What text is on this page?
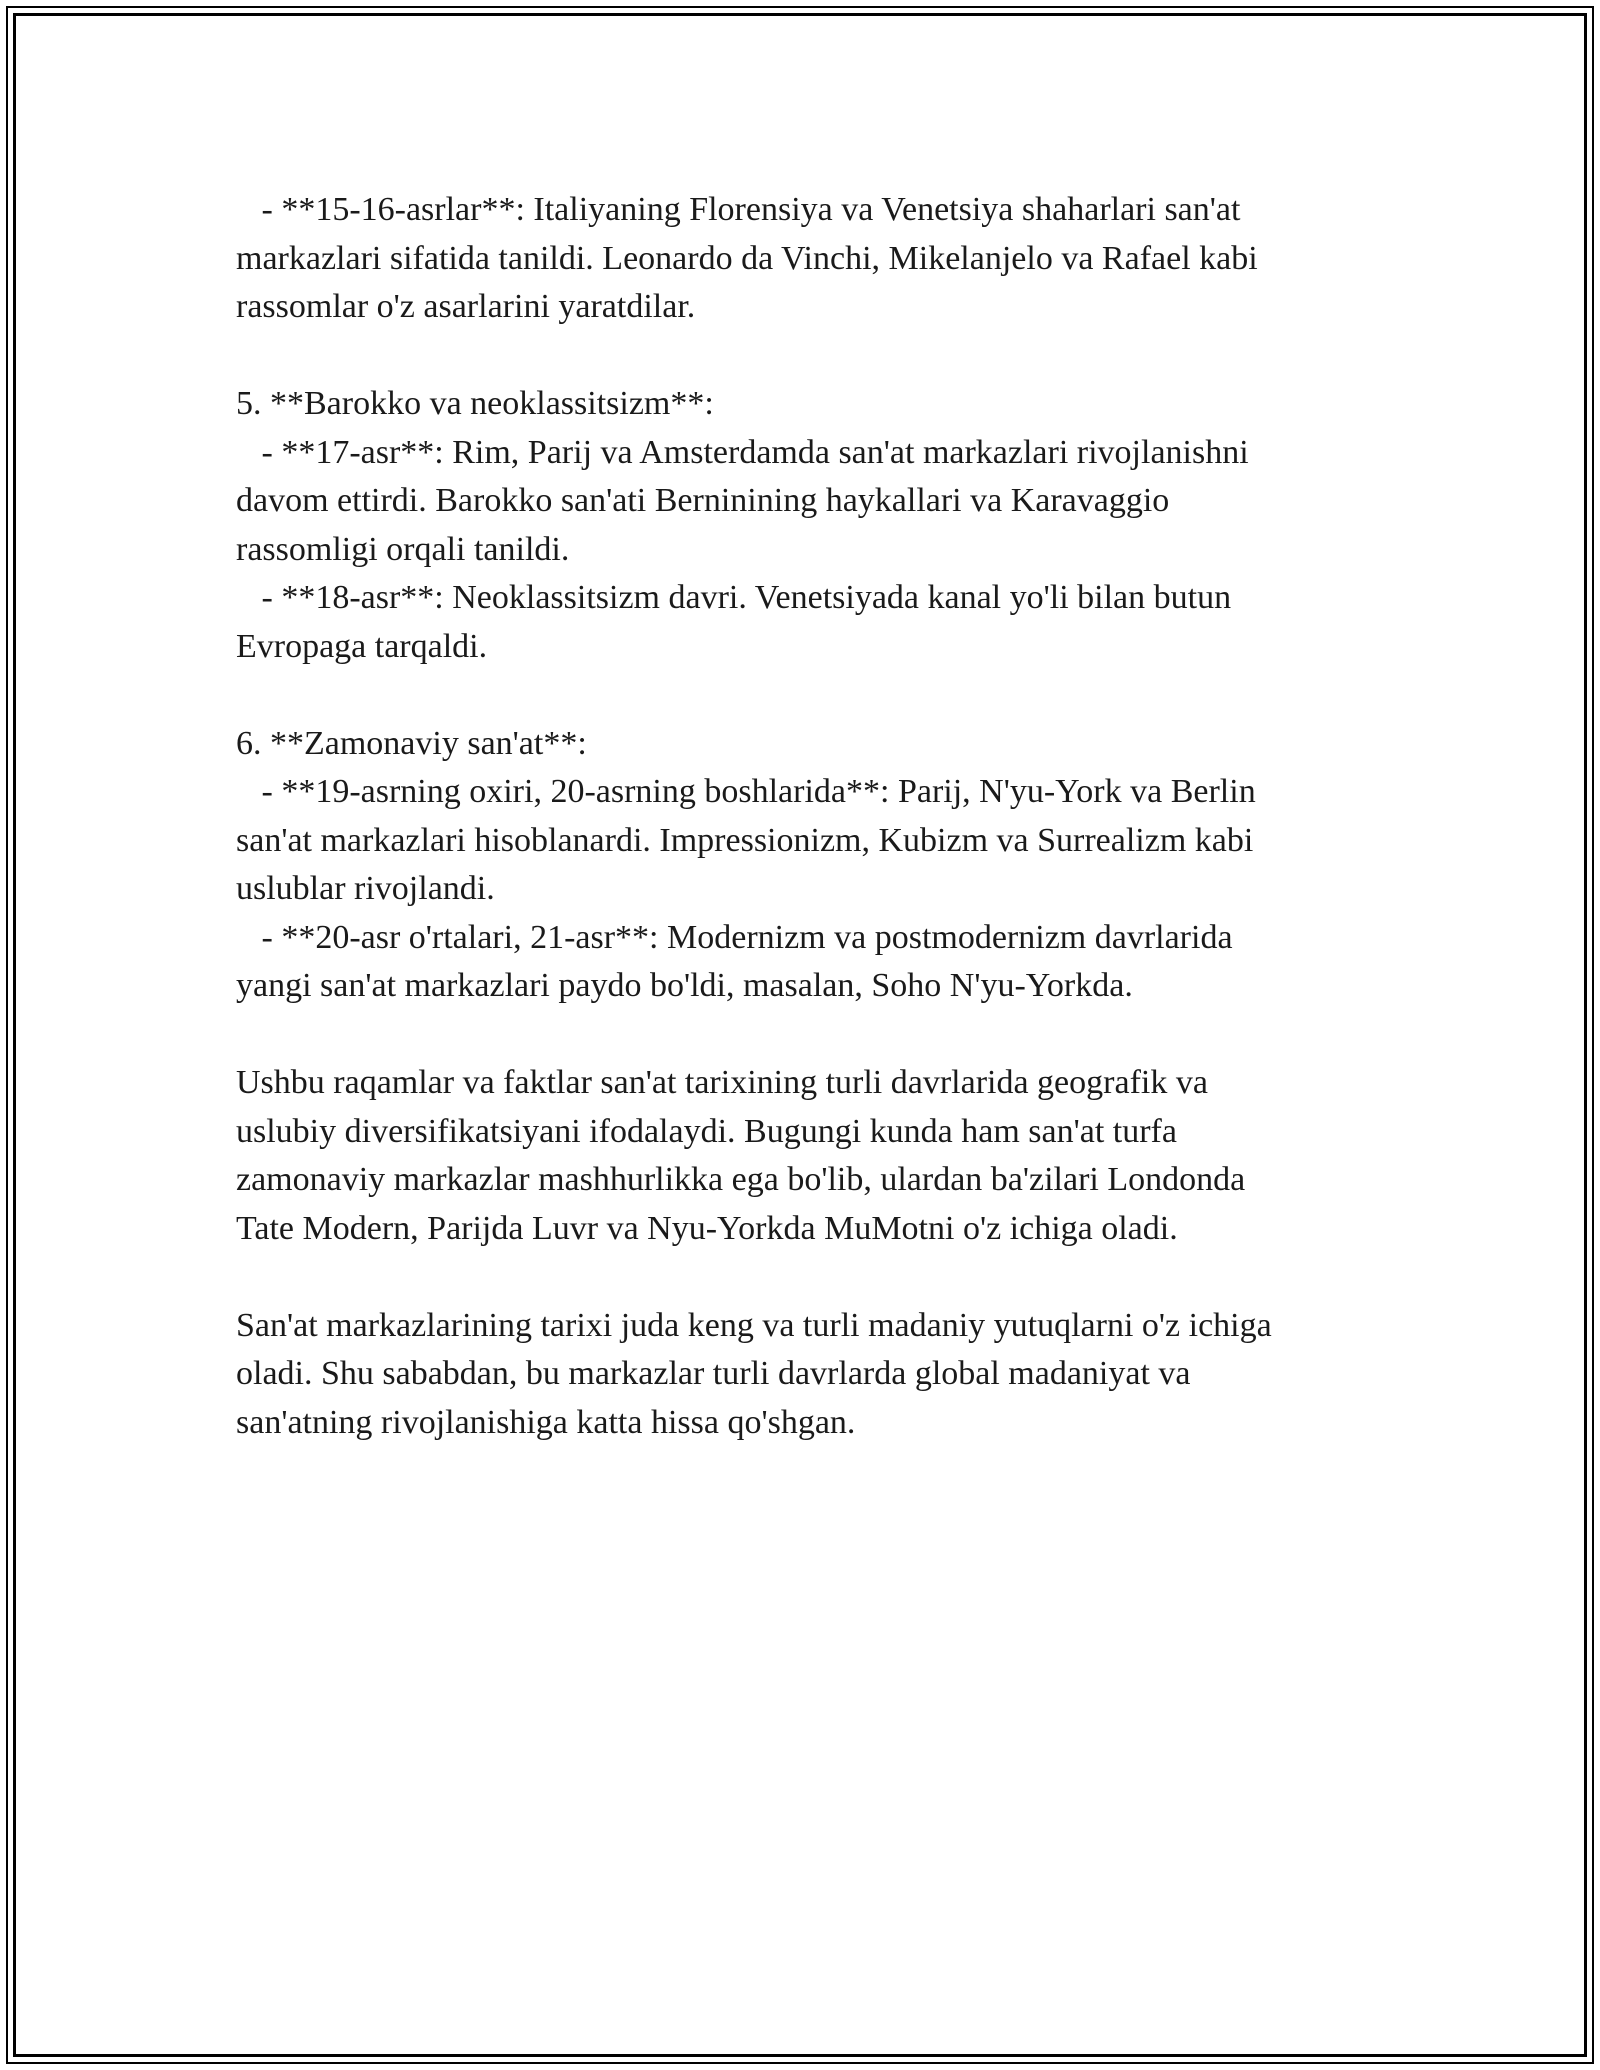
- **15-16-asrlar**: Italiyaning Florensiya va Venetsiya shaharlari san'at
markazlari sifatida tanildi. Leonardo da Vinchi, Mikelanjelo va Rafael kabi
rassomlar o'z asarlarini yaratdilar.
5. **Barokko va neoklassitsizm**:
- **17-asr**: Rim, Parij va Amsterdamda san'at markazlari rivojlanishni
davom ettirdi. Barokko san'ati Berninining haykallari va Karavaggio
rassomligi orqali tanildi.
- **18-asr**: Neoklassitsizm davri. Venetsiyada kanal yo'li bilan butun
Evropaga tarqaldi.
6. **Zamonaviy san'at**:
- **19-asrning oxiri, 20-asrning boshlarida**: Parij, N'yu-York va Berlin
san'at markazlari hisoblanardi. Impressionizm, Kubizm va Surrealizm kabi
uslublar rivojlandi.
- **20-asr o'rtalari, 21-asr**: Modernizm va postmodernizm davrlarida
yangi san'at markazlari paydo bo'ldi, masalan, Soho N'yu-Yorkda.
Ushbu raqamlar va faktlar san'at tarixining turli davrlarida geografik va
uslubiy diversifikatsiyani ifodalaydi. Bugungi kunda ham san'at turfa
zamonaviy markazlar mashhurlikka ega bo'lib, ulardan ba'zilari Londonda
Tate Modern, Parijda Luvr va Nyu-Yorkda MuMotni o'z ichiga oladi.
San'at markazlarining tarixi juda keng va turli madaniy yutuqlarni o'z ichiga
oladi. Shu sababdan, bu markazlar turli davrlarda global madaniyat va
san'atning rivojlanishiga katta hissa qo'shgan.
